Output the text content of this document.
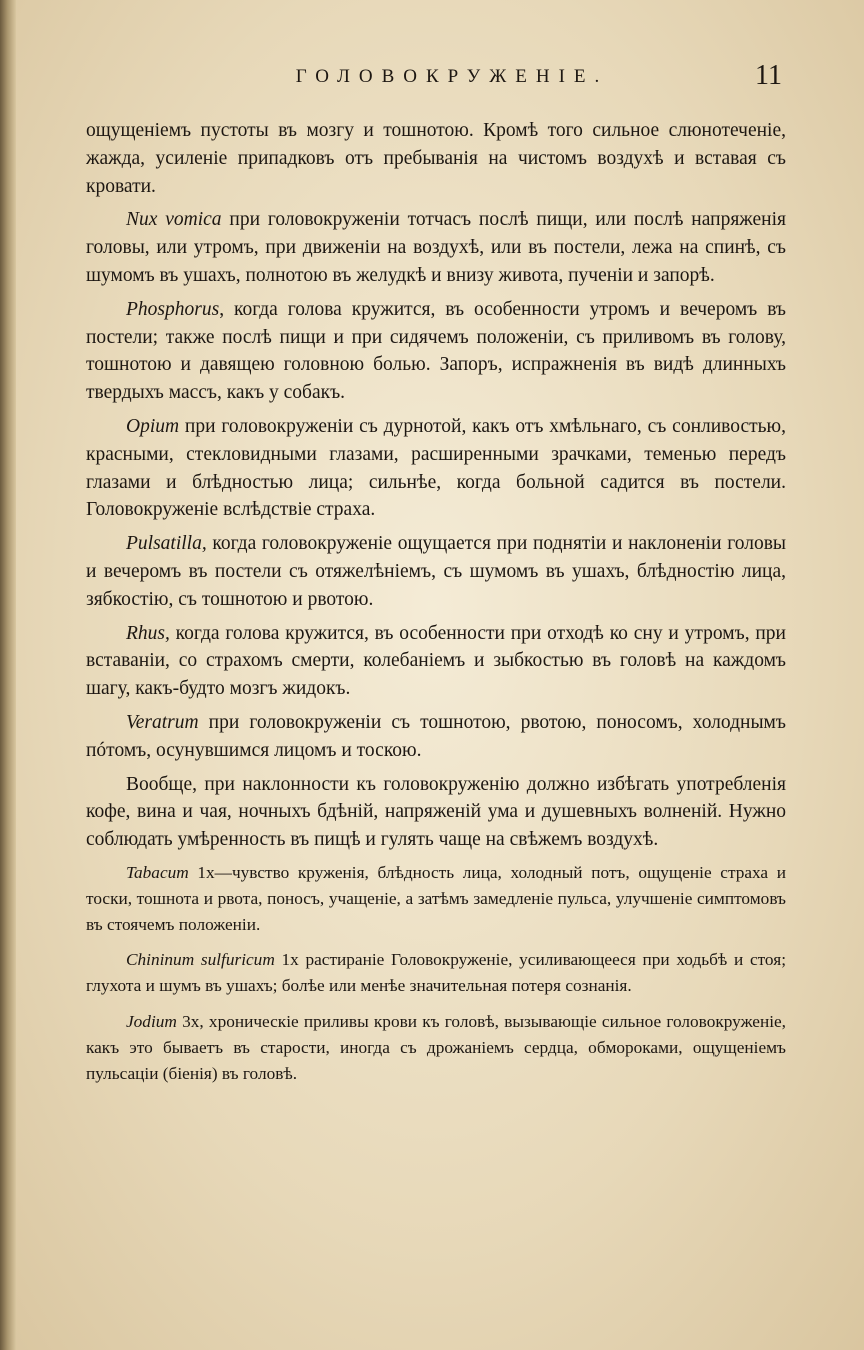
ГОЛОВОКРУЖЕНІЕ.	11

ощущеніемъ пустоты въ мозгу и тошнотою. Кромѣ того сильное слюнотеченіе, жажда, усиленіе припадковъ отъ пребыванія на чистомъ воздухѣ и вставая съ кровати.

Nux vomica при головокруженіи тотчасъ послѣ пищи, или послѣ напряженія головы, или утромъ, при движеніи на воздухѣ, или въ постели, лежа на спинѣ, съ шумомъ въ ушахъ, полнотою въ желудкѣ и внизу живота, пученіи и запорѣ.

Phosphorus, когда голова кружится, въ особенности утромъ и вечеромъ въ постели; также послѣ пищи и при сидячемъ положеніи, съ приливомъ въ голову, тошнотою и давящею головною болью. Запоръ, испражненія въ видѣ длинныхъ твердыхъ массъ, какъ у собакъ.

Opium при головокруженіи съ дурнотой, какъ отъ хмѣльнаго, съ сонливостью, красными, стекловидными глазами, расширенными зрачками, теменью передъ глазами и блѣдностью лица; сильнѣе, когда больной садится въ постели. Головокруженіе вслѣдствіе страха.

Pulsatilla, когда головокруженіе ощущается при поднятіи и наклоненіи головы и вечеромъ въ постели съ отяжелѣніемъ, съ шумомъ въ ушахъ, блѣдностію лица, зябкостію, съ тошнотою и рвотою.

Rhus, когда голова кружится, въ особенности при отходѣ ко сну и утромъ, при вставаніи, со страхомъ смерти, колебаніемъ и зыбкостью въ головѣ на каждомъ шагу, какъ-будто мозгъ жидокъ.

Veratrum при головокруженіи съ тошнотою, рвотою, поносомъ, холоднымъ пóтомъ, осунувшимся лицомъ и тоскою.

Вообще, при наклонности къ головокруженію должно избѣгать употребленія кофе, вина и чая, ночныхъ бдѣній, напряженій ума и душевныхъ волненій. Нужно соблюдать умѣренность въ пищѣ и гулять чаще на свѣжемъ воздухѣ.

Tabacum 1x—чувство круженія, блѣдность лица, холодный потъ, ощущеніе страха и тоски, тошнота и рвота, поносъ, учащеніе, а затѣмъ замедленіе пульса, улучшеніе симптомовъ въ стоячемъ положеніи.

Chininum sulfuricum 1x растираніе Головокруженіе, усиливающееся при ходьбѣ и стоя; глухота и шумъ въ ушахъ; болѣе или менѣе значительная потеря сознанія.

Jodium 3x, хроническіе приливы крови къ головѣ, вызывающіе сильное головокруженіе, какъ это бываетъ въ старости, иногда съ дрожаніемъ сердца, обмороками, ощущеніемъ пульсаціи (біенія) въ головѣ.
